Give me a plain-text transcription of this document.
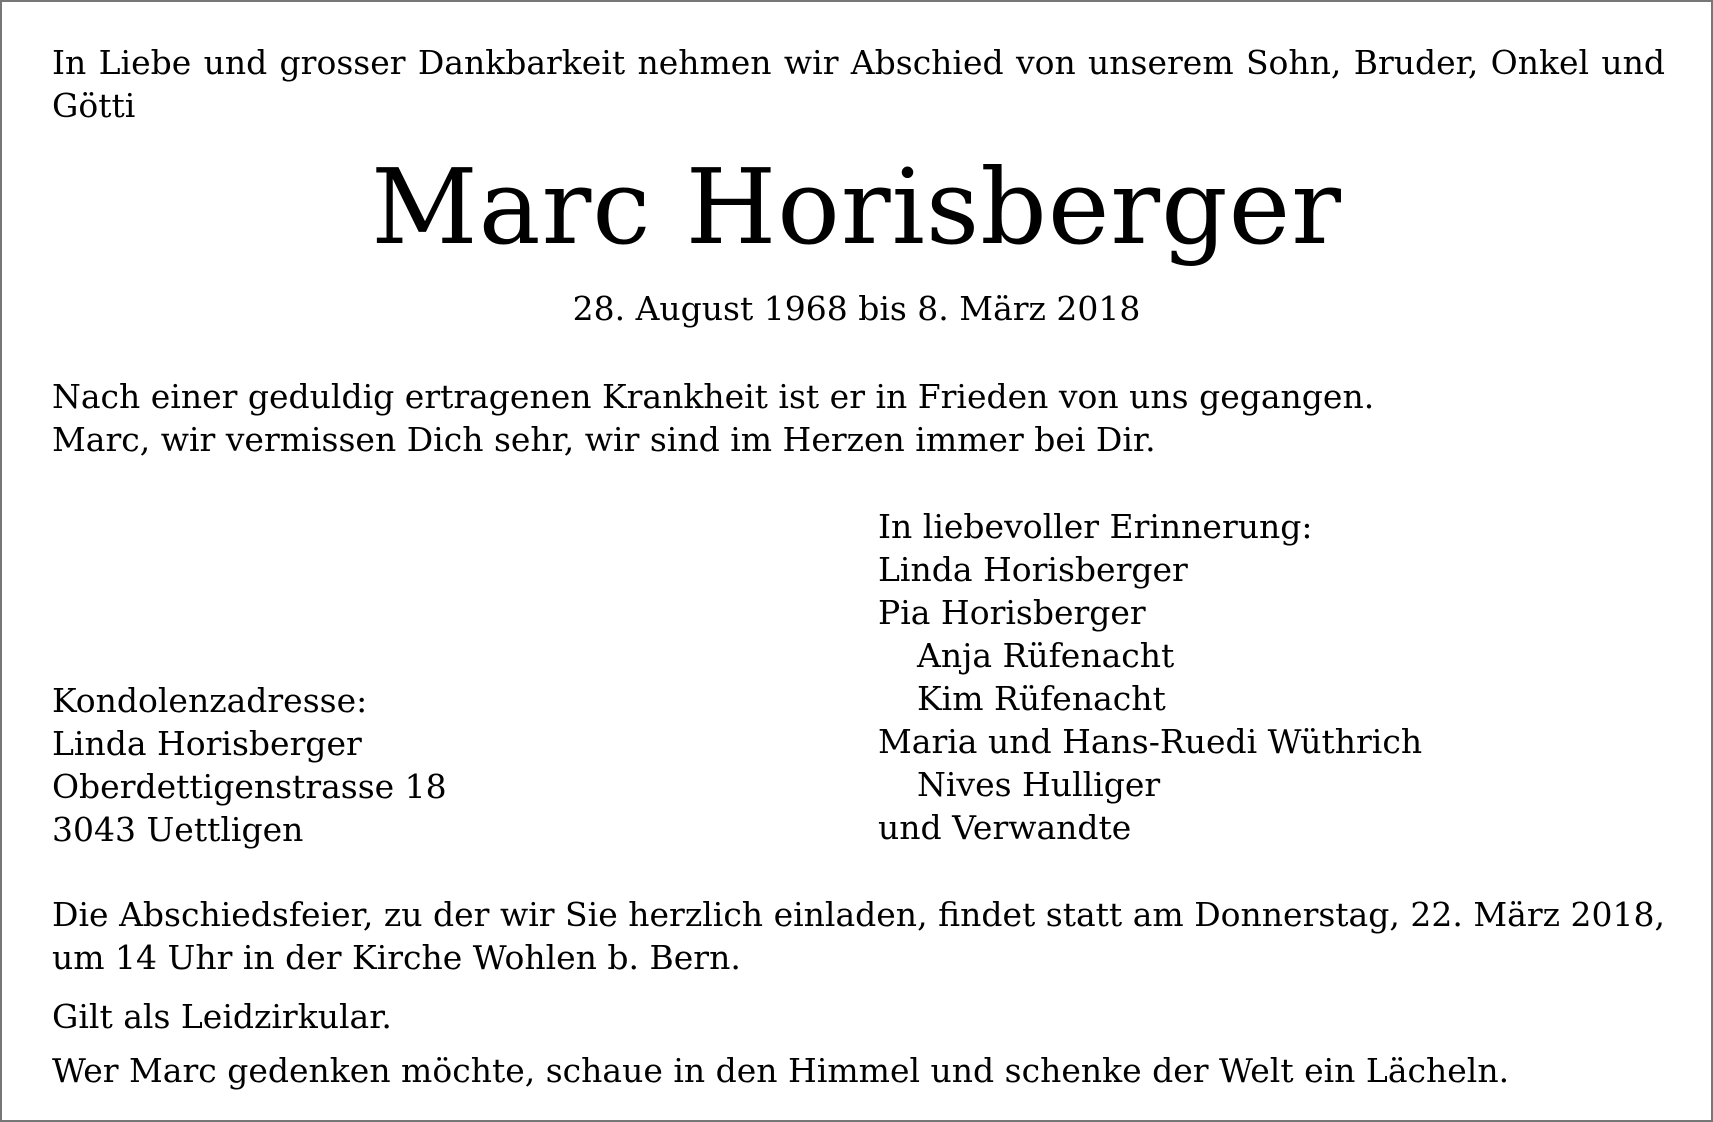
In Liebe und grosser Dankbarkeit nehmen wir Abschied von unserem Sohn, Bruder, Onkel und Götti

Marc Horisberger

28. August 1968 bis 8. März 2018

Nach einer geduldig ertragenen Krankheit ist er in Frieden von uns gegangen.
Marc, wir vermissen Dich sehr, wir sind im Herzen immer bei Dir.
In liebevoller Erinnerung:
Linda Horisberger
Pia Horisberger
Anja Rüfenacht
Kim Rüfenacht
Maria und Hans-Ruedi Wüthrich
Nives Hulliger
und Verwandte
Kondolenzadresse:
Linda Horisberger
Oberdettigenstrasse 18
3043 Uettligen

Die Abschiedsfeier, zu der wir Sie herzlich einladen, findet statt am Donnerstag, 22. März 2018, um 14 Uhr in der Kirche Wohlen b. Bern.

Gilt als Leidzirkular.

Wer Marc gedenken möchte, schaue in den Himmel und schenke der Welt ein Lächeln.
